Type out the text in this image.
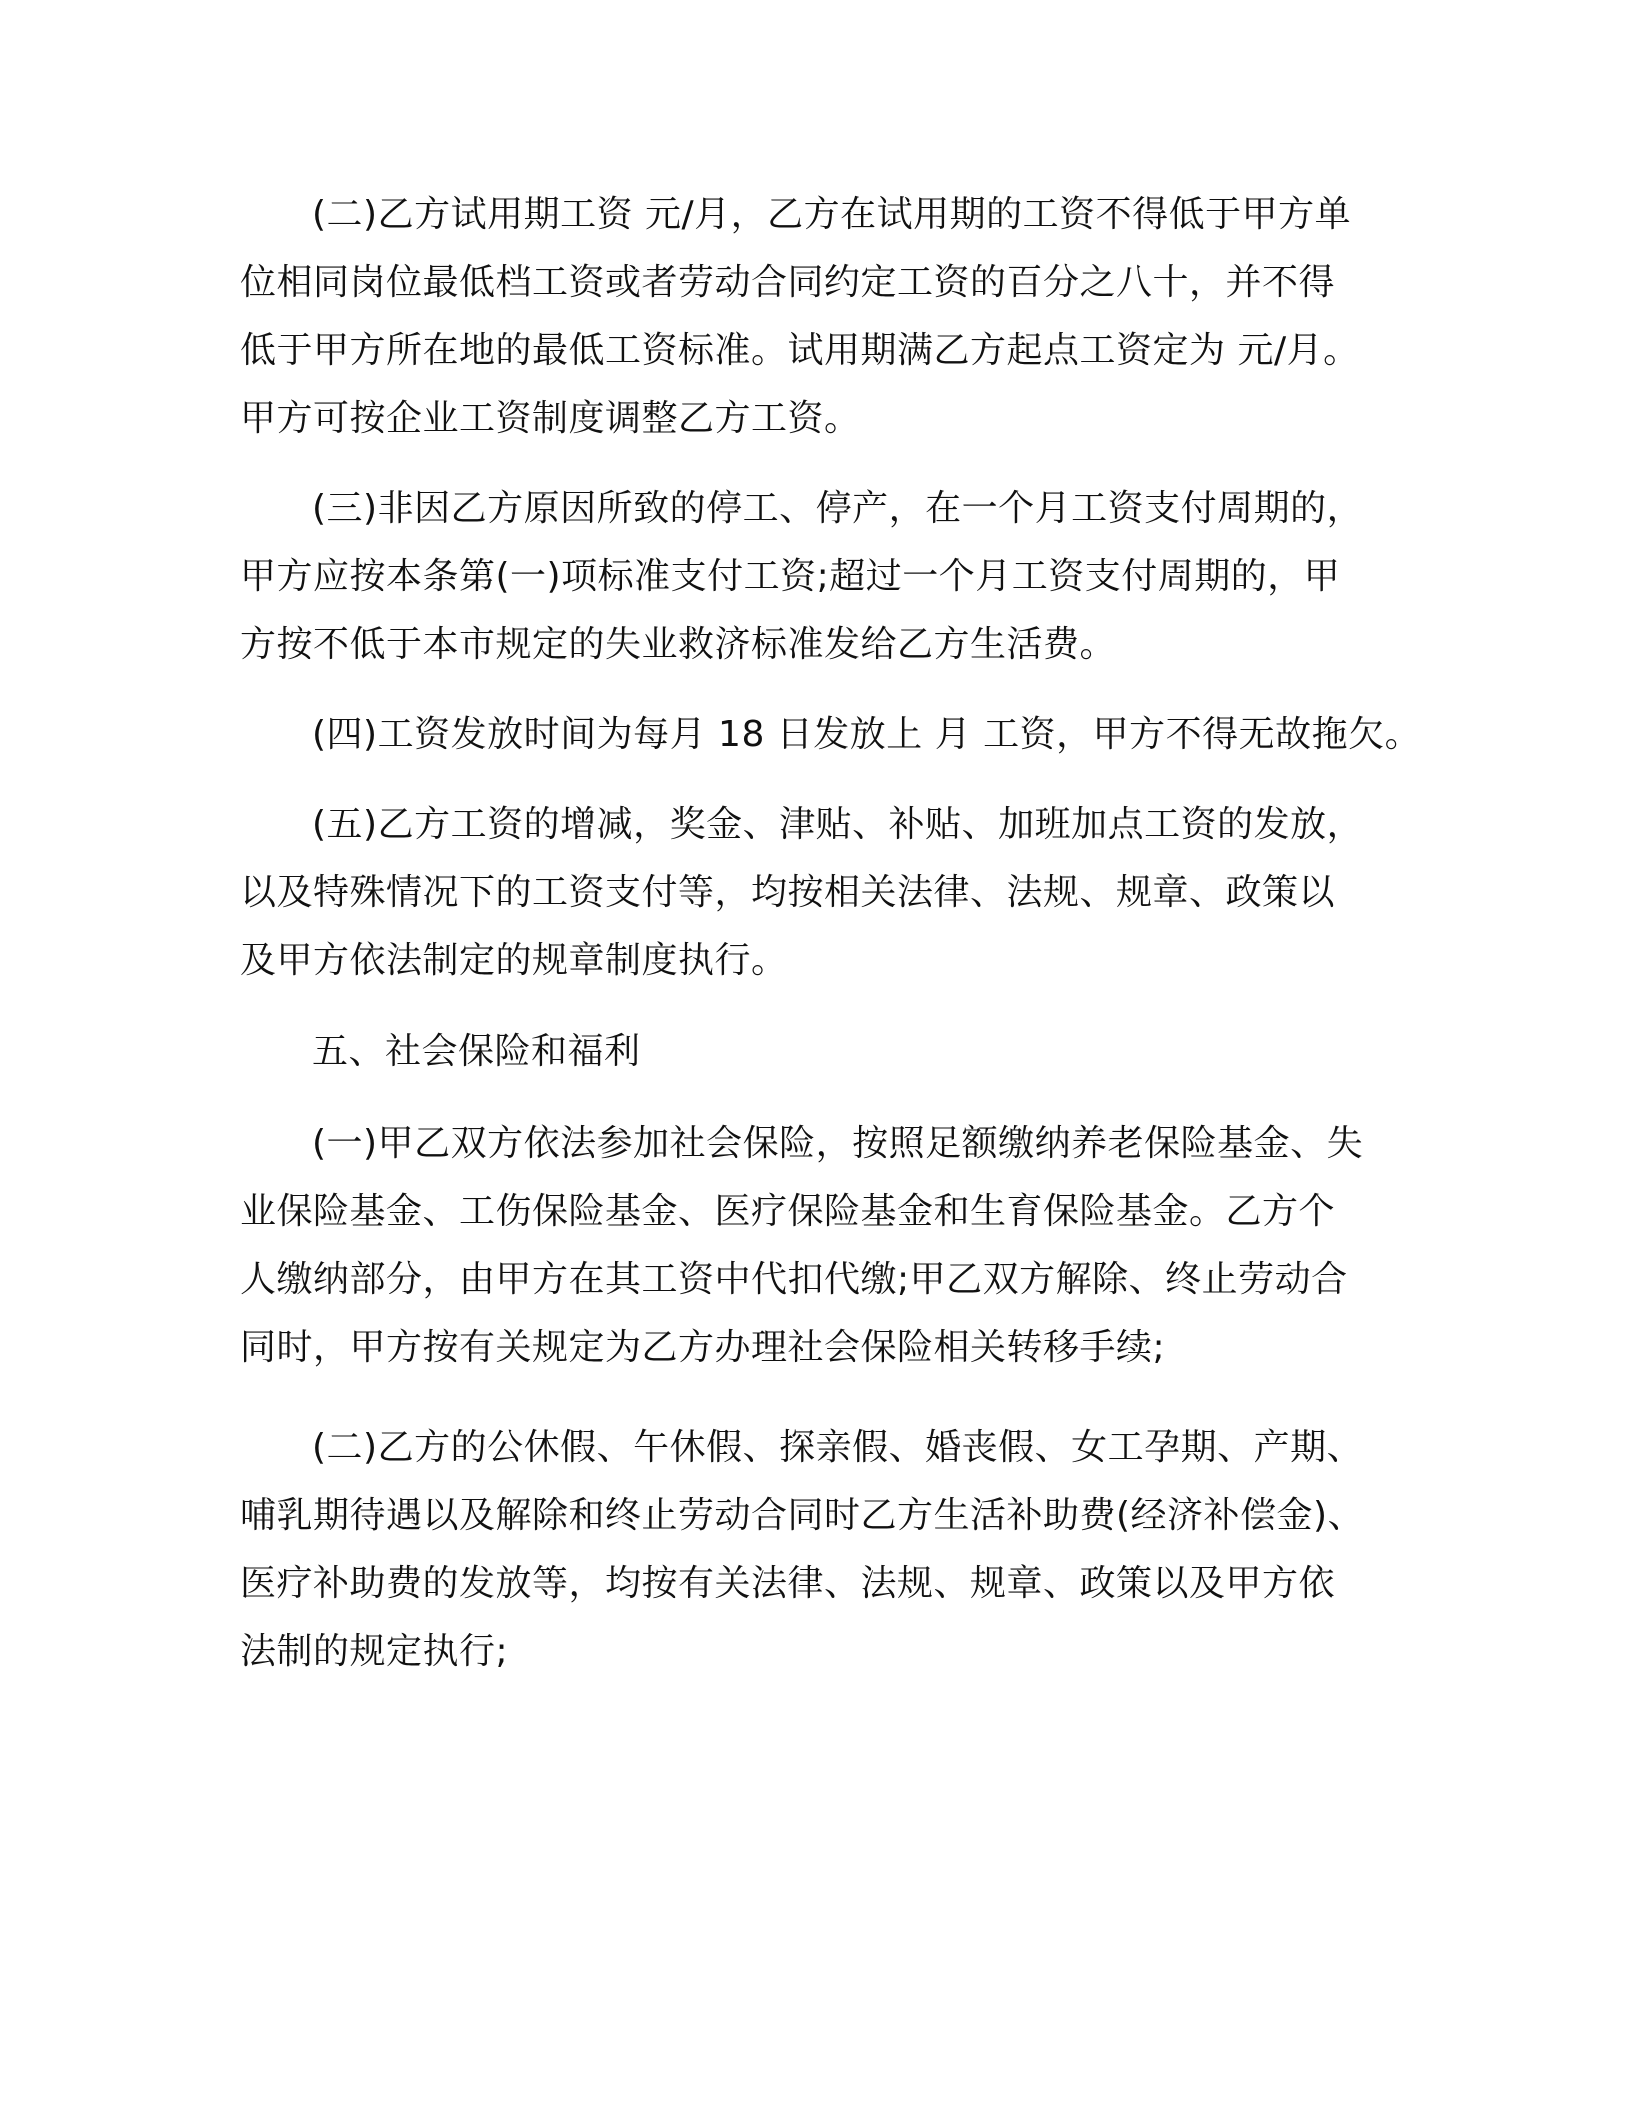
(二)乙方试用期工资 元/月，乙方在试用期的工资不得低于甲方单
位相同岗位最低档工资或者劳动合同约定工资的百分之八十，并不得
低于甲方所在地的最低工资标准。试用期满乙方起点工资定为 元/月。
甲方可按企业工资制度调整乙方工资。
(三)非因乙方原因所致的停工、停产，在一个月工资支付周期的，
甲方应按本条第(一)项标准支付工资;超过一个月工资支付周期的，甲
方按不低于本市规定的失业救济标准发给乙方生活费。
(四)工资发放时间为每月 18 日发放上 月 工资，甲方不得无故拖欠。
(五)乙方工资的增减，奖金、津贴、补贴、加班加点工资的发放，
以及特殊情况下的工资支付等，均按相关法律、法规、规章、政策以
及甲方依法制定的规章制度执行。
五、社会保险和福利
(一)甲乙双方依法参加社会保险，按照足额缴纳养老保险基金、失
业保险基金、工伤保险基金、医疗保险基金和生育保险基金。乙方个
人缴纳部分，由甲方在其工资中代扣代缴;甲乙双方解除、终止劳动合
同时，甲方按有关规定为乙方办理社会保险相关转移手续;
(二)乙方的公休假、午休假、探亲假、婚丧假、女工孕期、产期、
哺乳期待遇以及解除和终止劳动合同时乙方生活补助费(经济补偿金)、
医疗补助费的发放等，均按有关法律、法规、规章、政策以及甲方依
法制的规定执行;
